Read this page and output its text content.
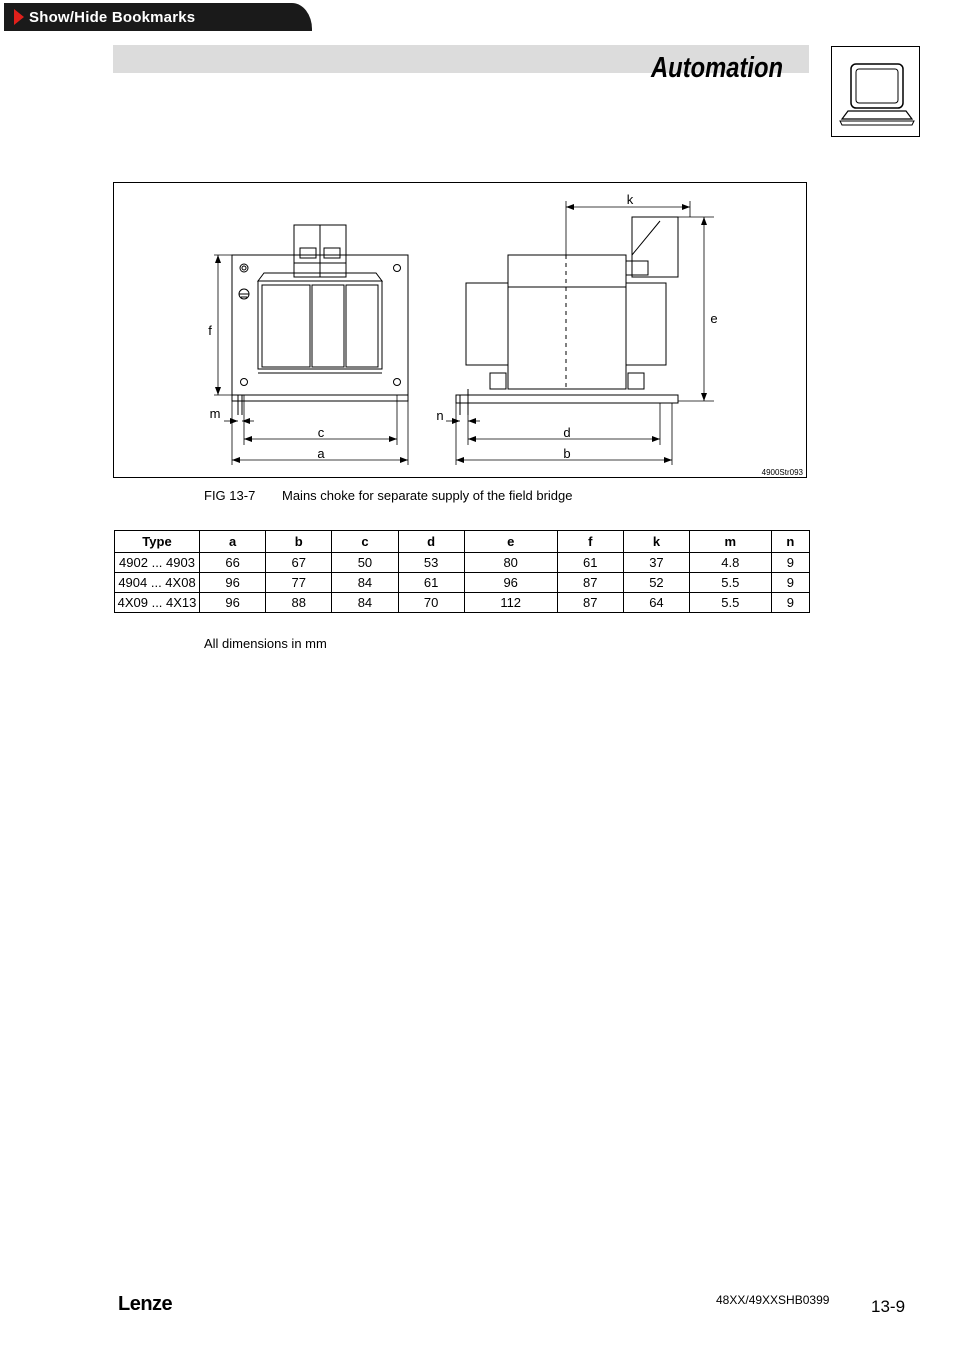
Show/Hide Bookmarks
Automation
f
m
c
a
n
d
b
k
e
4900Str093
FIG 13-7 Mains choke for separate supply of the field bridge
Type	a	b	c	d	e	f	k	m	n
4902 ... 4903	66	67	50	53	80	61	37	4.8	9
4904 ... 4X08	96	77	84	61	96	87	52	5.5	9
4X09 ... 4X13	96	88	84	70	112	87	64	5.5	9
All dimensions in mm
Lenze	48XX/49XXSHB0399 13-9
